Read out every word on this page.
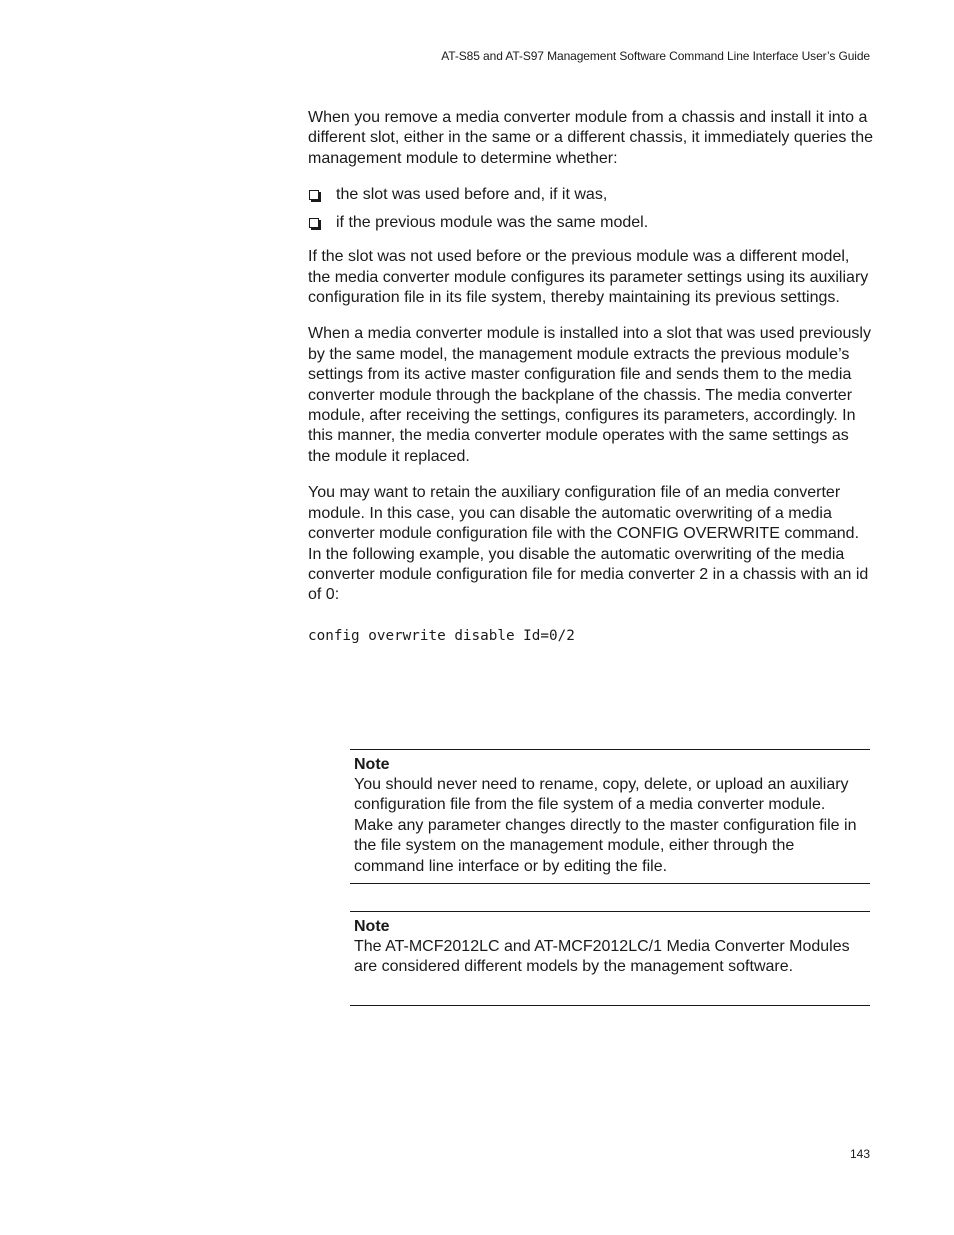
AT-S85 and AT-S97 Management Software Command Line Interface User’s Guide

When you remove a media converter module from a chassis and install it into a different slot, either in the same or a different chassis, it immediately queries the management module to determine whether:

the slot was used before and, if it was,
if the previous module was the same model.

If the slot was not used before or the previous module was a different model, the media converter module configures its parameter settings using its auxiliary configuration file in its file system, thereby maintaining its previous settings.

When a media converter module is installed into a slot that was used previously by the same model, the management module extracts the previous module’s settings from its active master configuration file and sends them to the media converter module through the backplane of the chassis. The media converter module, after receiving the settings, configures its parameters, accordingly. In this manner, the media converter module operates with the same settings as the module it replaced.

You may want to retain the auxiliary configuration file of an media converter module. In this case, you can disable the automatic overwriting of a media converter module configuration file with the CONFIG OVERWRITE command. In the following example, you disable the automatic overwriting of the media converter module configuration file for media converter 2 in a chassis with an id of 0:

config overwrite disable Id=0/2

Note

You should never need to rename, copy, delete, or upload an auxiliary configuration file from the file system of a media converter module. Make any parameter changes directly to the master configuration file in the file system on the management module, either through the command line interface or by editing the file.

Note

The AT-MCF2012LC and AT-MCF2012LC/1 Media Converter Modules are considered different models by the management software.

143
